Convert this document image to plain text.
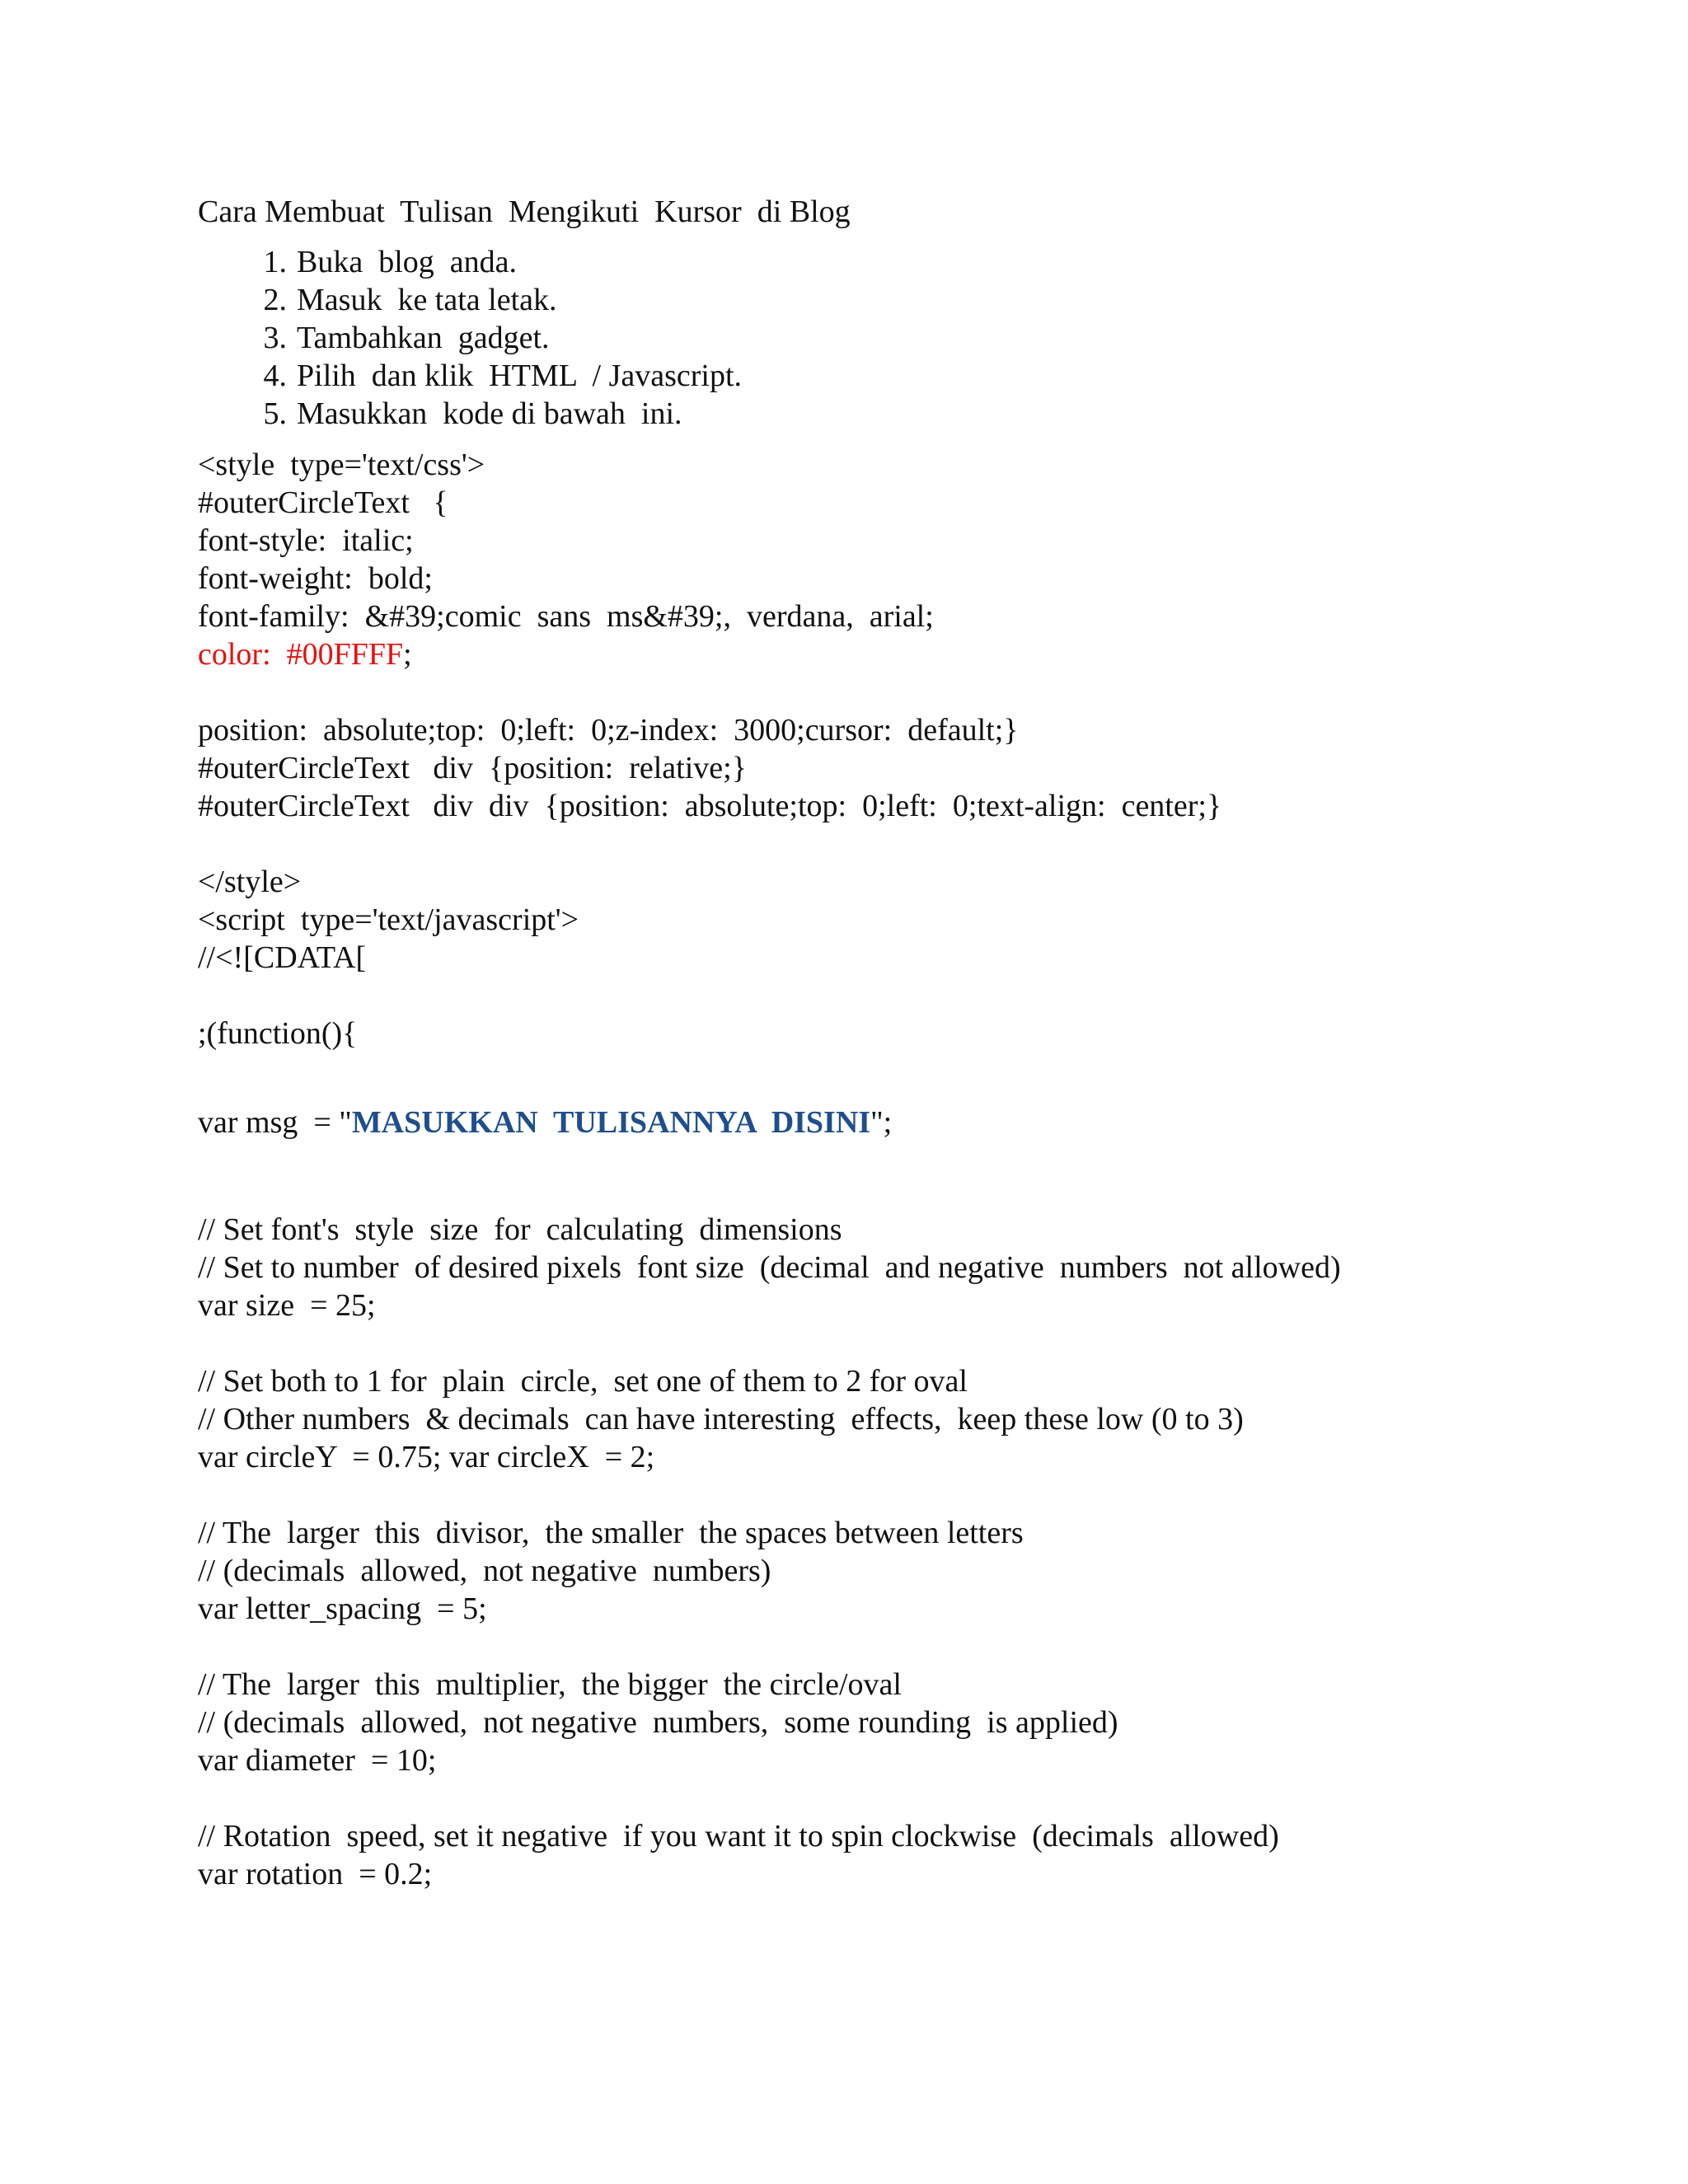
Cara Membuat  Tulisan  Mengikuti  Kursor  di Blog
1. Buka  blog  anda.
2. Masuk  ke tata letak.
3. Tambahkan  gadget.
4. Pilih  dan klik  HTML  / Javascript.
5. Masukkan  kode di bawah  ini.
<style  type='text/css'>
#outerCircleText   {
font-style:  italic;
font-weight:  bold;
font-family:  &#39;comic  sans  ms&#39;,  verdana,  arial;
color:  #00FFFF;
position:  absolute;top:  0;left:  0;z-index:  3000;cursor:  default;}
#outerCircleText   div  {position:  relative;}
#outerCircleText   div  div  {position:  absolute;top:  0;left:  0;text-align:  center;}
</style>
<script  type='text/javascript'>
//<![CDATA[
;(function(){
var msg  = "MASUKKAN  TULISANNYA  DISINI";
// Set font's  style  size  for  calculating  dimensions
// Set to number  of desired pixels  font size  (decimal  and negative  numbers  not allowed)
var size  = 25;
// Set both to 1 for  plain  circle,  set one of them to 2 for oval
// Other numbers  & decimals  can have interesting  effects,  keep these low (0 to 3)
var circleY  = 0.75; var circleX  = 2;
// The  larger  this  divisor,  the smaller  the spaces between letters
// (decimals  allowed,  not negative  numbers)
var letter_spacing  = 5;
// The  larger  this  multiplier,  the bigger  the circle/oval
// (decimals  allowed,  not negative  numbers,  some rounding  is applied)
var diameter  = 10;
// Rotation  speed, set it negative  if you want it to spin clockwise  (decimals  allowed)
var rotation  = 0.2;
